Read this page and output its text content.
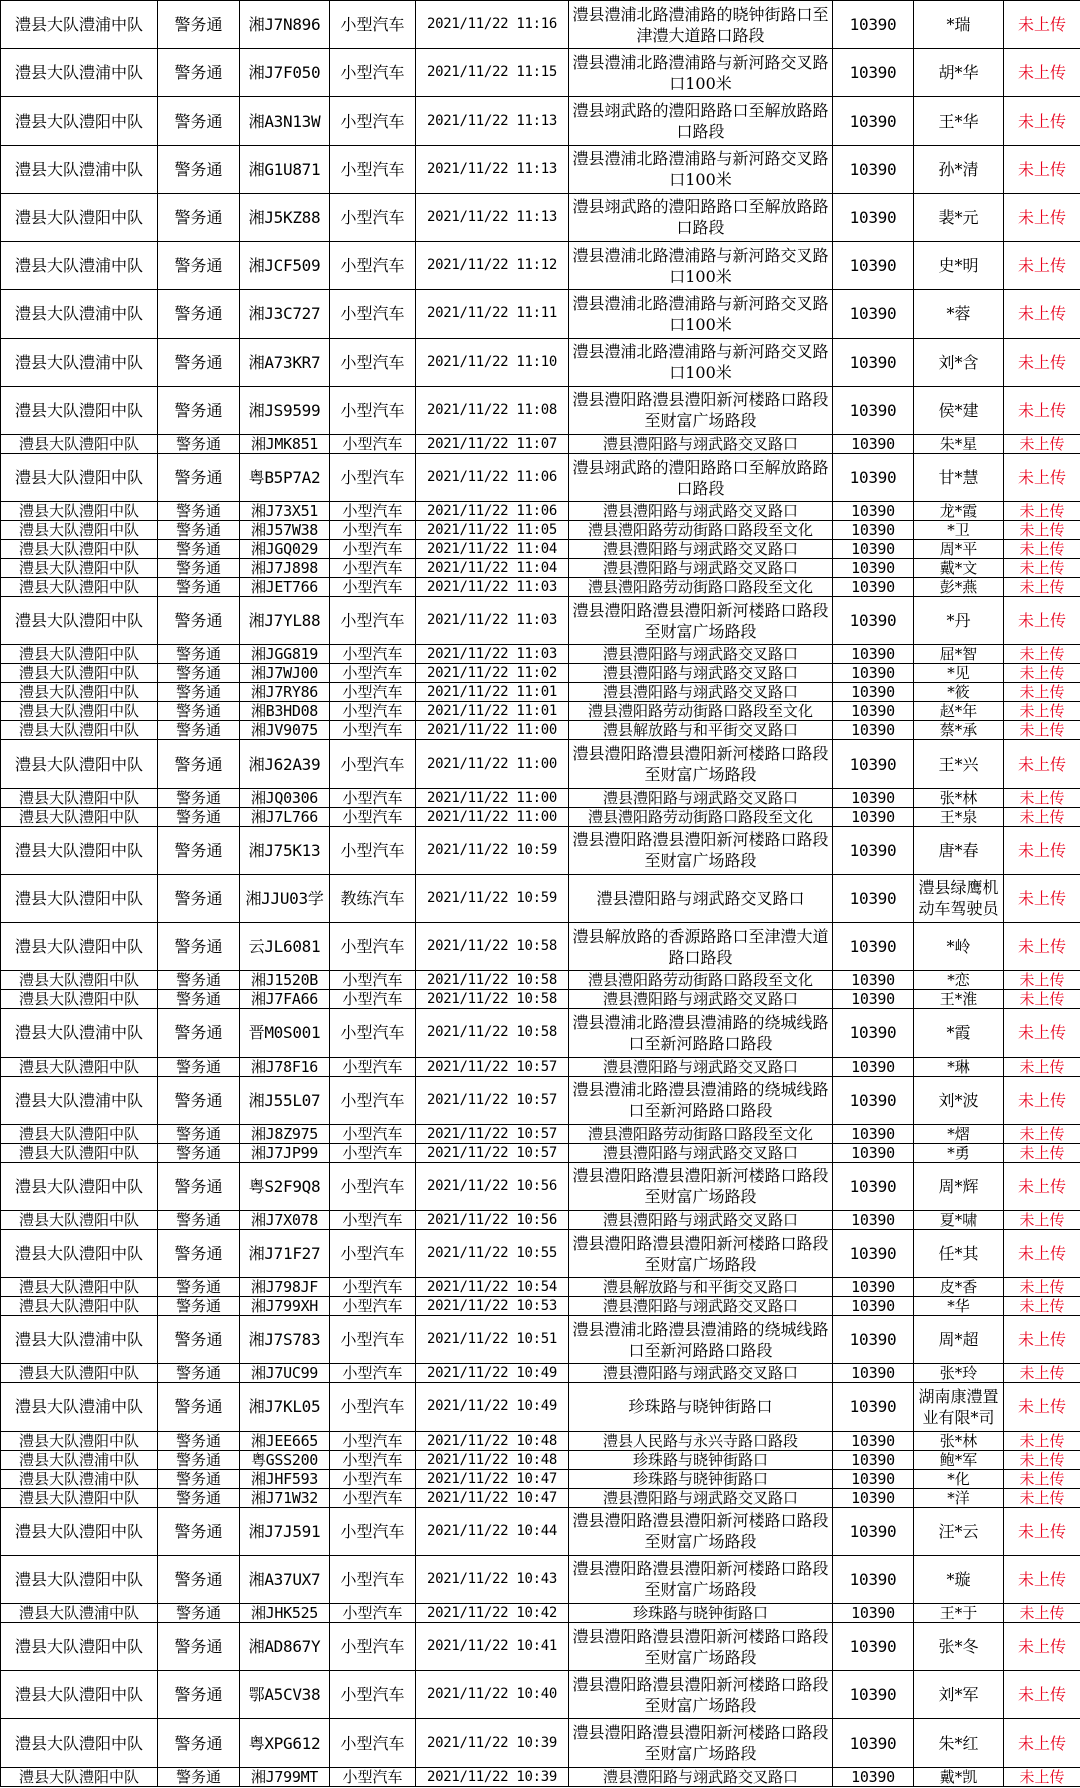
澧县大队澧浦中队	警务通	湘J7N896	小型汽车	2021/11/22 11:16	澧县澧浦北路澧浦路的晓钟街路口至津澧大道路口路段	10390	*瑞	未上传
澧县大队澧浦中队	警务通	湘J7F050	小型汽车	2021/11/22 11:15	澧县澧浦北路澧浦路与新河路交叉路口100米	10390	胡*华	未上传
澧县大队澧阳中队	警务通	湘A3N13W	小型汽车	2021/11/22 11:13	澧县翊武路的澧阳路路口至解放路路口路段	10390	王*华	未上传
澧县大队澧浦中队	警务通	湘G1U871	小型汽车	2021/11/22 11:13	澧县澧浦北路澧浦路与新河路交叉路口100米	10390	孙*清	未上传
澧县大队澧阳中队	警务通	湘J5KZ88	小型汽车	2021/11/22 11:13	澧县翊武路的澧阳路路口至解放路路口路段	10390	裴*元	未上传
澧县大队澧浦中队	警务通	湘JCF509	小型汽车	2021/11/22 11:12	澧县澧浦北路澧浦路与新河路交叉路口100米	10390	史*明	未上传
澧县大队澧浦中队	警务通	湘J3C727	小型汽车	2021/11/22 11:11	澧县澧浦北路澧浦路与新河路交叉路口100米	10390	*蓉	未上传
澧县大队澧浦中队	警务通	湘A73KR7	小型汽车	2021/11/22 11:10	澧县澧浦北路澧浦路与新河路交叉路口100米	10390	刘*含	未上传
澧县大队澧阳中队	警务通	湘JS9599	小型汽车	2021/11/22 11:08	澧县澧阳路澧县澧阳新河楼路口路段至财富广场路段	10390	侯*建	未上传
澧县大队澧阳中队	警务通	湘JMK851	小型汽车	2021/11/22 11:07	澧县澧阳路与翊武路交叉路口	10390	朱*星	未上传
澧县大队澧阳中队	警务通	粤B5P7A2	小型汽车	2021/11/22 11:06	澧县翊武路的澧阳路路口至解放路路口路段	10390	甘*慧	未上传
澧县大队澧阳中队	警务通	湘J73X51	小型汽车	2021/11/22 11:06	澧县澧阳路与翊武路交叉路口	10390	龙*霞	未上传
澧县大队澧阳中队	警务通	湘J57W38	小型汽车	2021/11/22 11:05	澧县澧阳路劳动街路口路段至文化	10390	*卫	未上传
澧县大队澧阳中队	警务通	湘JGQ029	小型汽车	2021/11/22 11:04	澧县澧阳路与翊武路交叉路口	10390	周*平	未上传
澧县大队澧阳中队	警务通	湘J7J898	小型汽车	2021/11/22 11:04	澧县澧阳路与翊武路交叉路口	10390	戴*文	未上传
澧县大队澧阳中队	警务通	湘JET766	小型汽车	2021/11/22 11:03	澧县澧阳路劳动街路口路段至文化	10390	彭*燕	未上传
澧县大队澧阳中队	警务通	湘J7YL88	小型汽车	2021/11/22 11:03	澧县澧阳路澧县澧阳新河楼路口路段至财富广场路段	10390	*丹	未上传
澧县大队澧阳中队	警务通	湘JGG819	小型汽车	2021/11/22 11:03	澧县澧阳路与翊武路交叉路口	10390	屈*智	未上传
澧县大队澧阳中队	警务通	湘J7WJ00	小型汽车	2021/11/22 11:02	澧县澧阳路与翊武路交叉路口	10390	*见	未上传
澧县大队澧阳中队	警务通	湘J7RY86	小型汽车	2021/11/22 11:01	澧县澧阳路与翊武路交叉路口	10390	*筱	未上传
澧县大队澧阳中队	警务通	湘B3HD08	小型汽车	2021/11/22 11:01	澧县澧阳路劳动街路口路段至文化	10390	赵*年	未上传
澧县大队澧阳中队	警务通	湘JV9075	小型汽车	2021/11/22 11:00	澧县解放路与和平街交叉路口	10390	蔡*承	未上传
澧县大队澧阳中队	警务通	湘J62A39	小型汽车	2021/11/22 11:00	澧县澧阳路澧县澧阳新河楼路口路段至财富广场路段	10390	王*兴	未上传
澧县大队澧阳中队	警务通	湘JQ0306	小型汽车	2021/11/22 11:00	澧县澧阳路与翊武路交叉路口	10390	张*林	未上传
澧县大队澧阳中队	警务通	湘J7L766	小型汽车	2021/11/22 11:00	澧县澧阳路劳动街路口路段至文化	10390	王*泉	未上传
澧县大队澧阳中队	警务通	湘J75K13	小型汽车	2021/11/22 10:59	澧县澧阳路澧县澧阳新河楼路口路段至财富广场路段	10390	唐*春	未上传
澧县大队澧阳中队	警务通	湘JJU03学	教练汽车	2021/11/22 10:59	澧县澧阳路与翊武路交叉路口	10390	澧县绿鹰机动车驾驶员	未上传
澧县大队澧阳中队	警务通	云JL6081	小型汽车	2021/11/22 10:58	澧县解放路的香源路路口至津澧大道路口路段	10390	*岭	未上传
澧县大队澧阳中队	警务通	湘J1520B	小型汽车	2021/11/22 10:58	澧县澧阳路劳动街路口路段至文化	10390	*恋	未上传
澧县大队澧阳中队	警务通	湘J7FA66	小型汽车	2021/11/22 10:58	澧县澧阳路与翊武路交叉路口	10390	王*淮	未上传
澧县大队澧浦中队	警务通	晋M0S001	小型汽车	2021/11/22 10:58	澧县澧浦北路澧县澧浦路的绕城线路口至新河路路口路段	10390	*霞	未上传
澧县大队澧阳中队	警务通	湘J78F16	小型汽车	2021/11/22 10:57	澧县澧阳路与翊武路交叉路口	10390	*琳	未上传
澧县大队澧浦中队	警务通	湘J55L07	小型汽车	2021/11/22 10:57	澧县澧浦北路澧县澧浦路的绕城线路口至新河路路口路段	10390	刘*波	未上传
澧县大队澧阳中队	警务通	湘J8Z975	小型汽车	2021/11/22 10:57	澧县澧阳路劳动街路口路段至文化	10390	*熠	未上传
澧县大队澧阳中队	警务通	湘J7JP99	小型汽车	2021/11/22 10:57	澧县澧阳路与翊武路交叉路口	10390	*勇	未上传
澧县大队澧阳中队	警务通	粤S2F9Q8	小型汽车	2021/11/22 10:56	澧县澧阳路澧县澧阳新河楼路口路段至财富广场路段	10390	周*辉	未上传
澧县大队澧阳中队	警务通	湘J7X078	小型汽车	2021/11/22 10:56	澧县澧阳路与翊武路交叉路口	10390	夏*啸	未上传
澧县大队澧阳中队	警务通	湘J71F27	小型汽车	2021/11/22 10:55	澧县澧阳路澧县澧阳新河楼路口路段至财富广场路段	10390	任*其	未上传
澧县大队澧阳中队	警务通	湘J798JF	小型汽车	2021/11/22 10:54	澧县解放路与和平街交叉路口	10390	皮*香	未上传
澧县大队澧阳中队	警务通	湘J799XH	小型汽车	2021/11/22 10:53	澧县澧阳路与翊武路交叉路口	10390	*华	未上传
澧县大队澧浦中队	警务通	湘J7S783	小型汽车	2021/11/22 10:51	澧县澧浦北路澧县澧浦路的绕城线路口至新河路路口路段	10390	周*超	未上传
澧县大队澧阳中队	警务通	湘J7UC99	小型汽车	2021/11/22 10:49	澧县澧阳路与翊武路交叉路口	10390	张*玲	未上传
澧县大队澧浦中队	警务通	湘J7KL05	小型汽车	2021/11/22 10:49	珍珠路与晓钟街路口	10390	湖南康澧置业有限*司	未上传
澧县大队澧阳中队	警务通	湘JEE665	小型汽车	2021/11/22 10:48	澧县人民路与永兴寺路口路段	10390	张*林	未上传
澧县大队澧浦中队	警务通	粤GSS200	小型汽车	2021/11/22 10:48	珍珠路与晓钟街路口	10390	鲍*军	未上传
澧县大队澧浦中队	警务通	湘JHF593	小型汽车	2021/11/22 10:47	珍珠路与晓钟街路口	10390	*化	未上传
澧县大队澧阳中队	警务通	湘J71W32	小型汽车	2021/11/22 10:47	澧县澧阳路与翊武路交叉路口	10390	*洋	未上传
澧县大队澧阳中队	警务通	湘J7J591	小型汽车	2021/11/22 10:44	澧县澧阳路澧县澧阳新河楼路口路段至财富广场路段	10390	汪*云	未上传
澧县大队澧阳中队	警务通	湘A37UX7	小型汽车	2021/11/22 10:43	澧县澧阳路澧县澧阳新河楼路口路段至财富广场路段	10390	*璇	未上传
澧县大队澧浦中队	警务通	湘JHK525	小型汽车	2021/11/22 10:42	珍珠路与晓钟街路口	10390	王*于	未上传
澧县大队澧阳中队	警务通	湘AD867Y	小型汽车	2021/11/22 10:41	澧县澧阳路澧县澧阳新河楼路口路段至财富广场路段	10390	张*冬	未上传
澧县大队澧阳中队	警务通	鄂A5CV38	小型汽车	2021/11/22 10:40	澧县澧阳路澧县澧阳新河楼路口路段至财富广场路段	10390	刘*军	未上传
澧县大队澧阳中队	警务通	粤XPG612	小型汽车	2021/11/22 10:39	澧县澧阳路澧县澧阳新河楼路口路段至财富广场路段	10390	朱*红	未上传
澧县大队澧阳中队	警务通	湘J799MT	小型汽车	2021/11/22 10:39	澧县澧阳路与翊武路交叉路口	10390	戴*凯	未上传
